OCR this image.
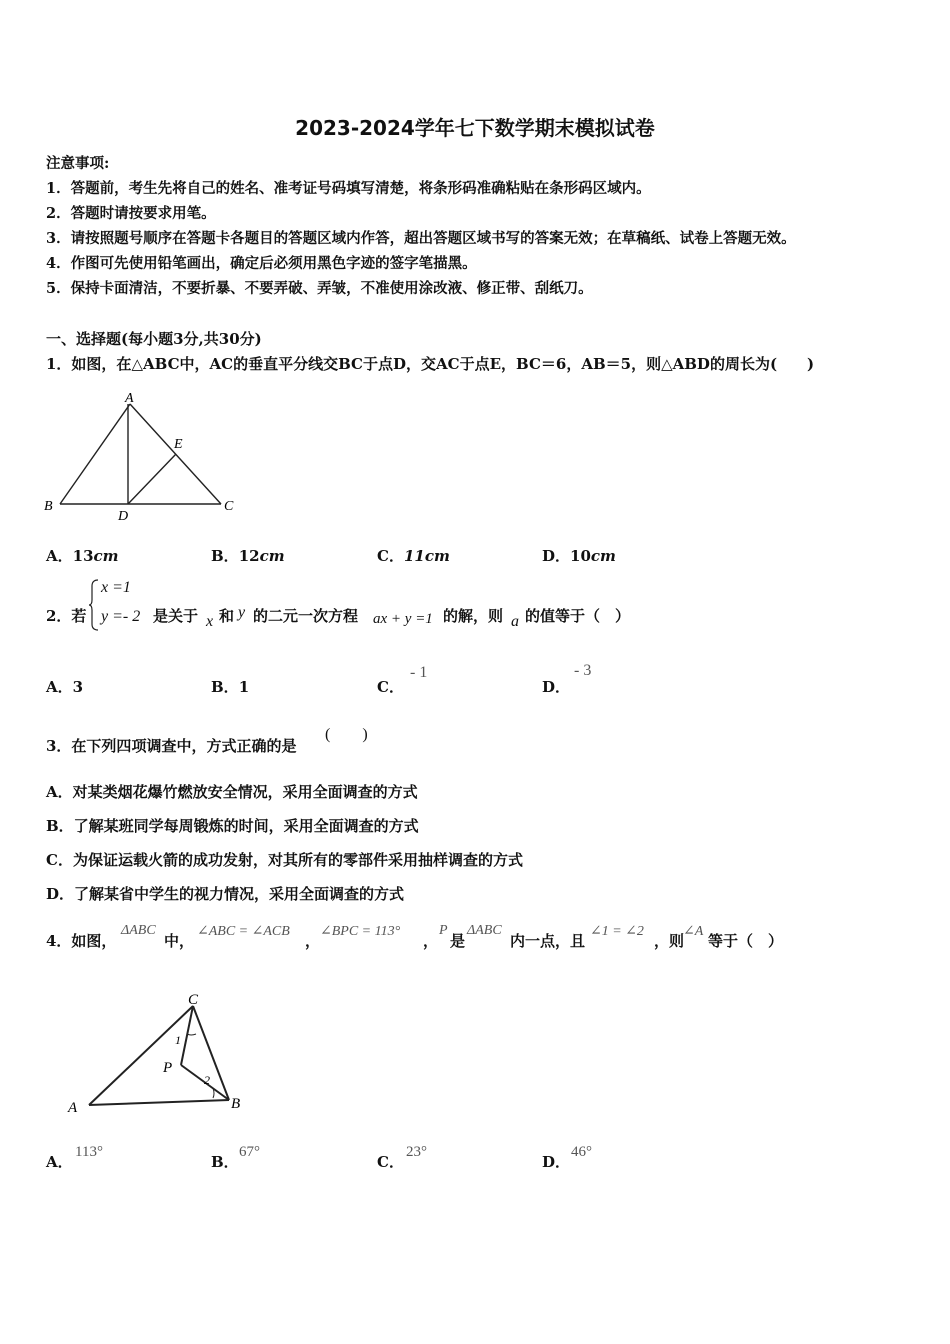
2023-2024学年七下数学期末模拟试卷
注意事项:
1．答题前，考生先将自己的姓名、准考证号码填写清楚，将条形码准确粘贴在条形码区域内。
2．答题时请按要求用笔。
3．请按照题号顺序在答题卡各题目的答题区域内作答，超出答题区域书写的答案无效；在草稿纸、试卷上答题无效。
4．作图可先使用铅笔画出，确定后必须用黑色字迹的签字笔描黑。
5．保持卡面清洁，不要折暴、不要弄破、弄皱，不准使用涂改液、修正带、刮纸刀。
一、选择题(每小题3分,共30分)
1．如图，在△ABC中，AC的垂直平分线交BC于点D，交AC于点E，BC＝6，AB＝5，则△ABD的周长为(　　)
A
B	C
D
E
A．13cm	B．12cm	C．11cm	D．10cm
2．若
x =1
y =- 2 是关于 x 和 y 的二元一次方程 ax + y =1 的解，则 a 的值等于（　）
A．3	B．1	C．
- 1
D．
- 3
3．在下列四项调查中，方式正确的是
(　　)
A．对某类烟花爆竹燃放安全情况，采用全面调查的方式
B．了解某班同学每周锻炼的时间，采用全面调查的方式
C．为保证运载火箭的成功发射，对其所有的零部件采用抽样调查的方式
D．了解某省中学生的视力情况，采用全面调查的方式
4．如图，
ΔABC
中，
∠ABC = ∠ACB
，
∠BPC = 113°
，
P
是
ΔABC
内一点，且
∠1 = ∠2
，则
∠A
等于（　）
A	B
C
P
1
2
A．
113°
B．
67°
C．
23°
D．
46°
